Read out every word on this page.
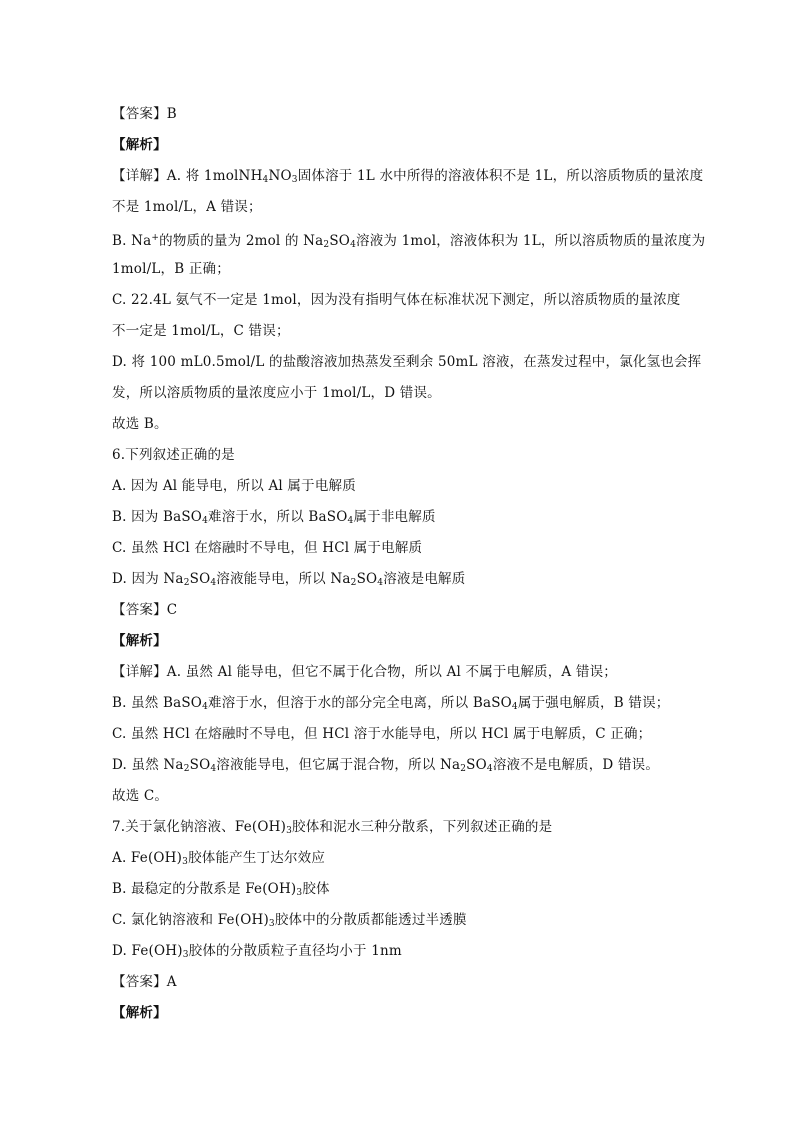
【答案】B
【解析】
【详解】A. 将 $1molNH_4NO_3$固体溶于 1L 水中所得的溶液体积不是 1L，所以溶质物质的量浓度
不是 1mol/L，A 错误；
B. Na+的物质的量为 2mol 的 $Na_2SO_4$溶液为 1mol，溶液体积为 1L，所以溶质物质的量浓度为
1mol/L，B 正确；
C. 22.4L 氨气不一定是 1mol，因为没有指明气体在标准状况下测定，所以溶质物质的量浓度
不一定是 1mol/L，C 错误；
D. 将 100 mL0.5mol/L 的盐酸溶液加热蒸发至剩余 50mL 溶液，在蒸发过程中，氯化氢也会挥
发，所以溶质物质的量浓度应小于 1mol/L，D 错误。
故选 B。
6.下列叙述正确的是
A. 因为 Al 能导电，所以 Al 属于电解质
B. 因为 BaSO$_4$难溶于水，所以 BaSO$_4$属于非电解质
C. 虽然 HCl 在熔融时不导电，但 HCl 属于电解质
D. 因为 $Na_2SO_4$溶液能导电，所以 $Na_2SO_4$溶液是电解质
【答案】C
【解析】
【详解】A. 虽然 Al 能导电，但它不属于化合物，所以 Al 不属于电解质，A 错误；
B. 虽然 BaSO$_4$难溶于水，但溶于水的部分完全电离，所以 BaSO$_4$属于强电解质，B 错误；
C. 虽然 HCl 在熔融时不导电，但 HCl 溶于水能导电，所以 HCl 属于电解质，C 正确；
D. 虽然 $Na_2SO_4$溶液能导电，但它属于混合物，所以 $Na_2SO_4$溶液不是电解质，D 错误。
故选 C。
7.关于氯化钠溶液、$Fe(OH)_3$胶体和泥水三种分散系，下列叙述正确的是
A. $Fe(OH)_3$胶体能产生丁达尔效应
B. 最稳定的分散系是 $Fe(OH)_3$胶体
C. 氯化钠溶液和 $Fe(OH)_3$胶体中的分散质都能透过半透膜
D. $Fe(OH)_3$胶体的分散质粒子直径均小于 1nm
【答案】A
【解析】
